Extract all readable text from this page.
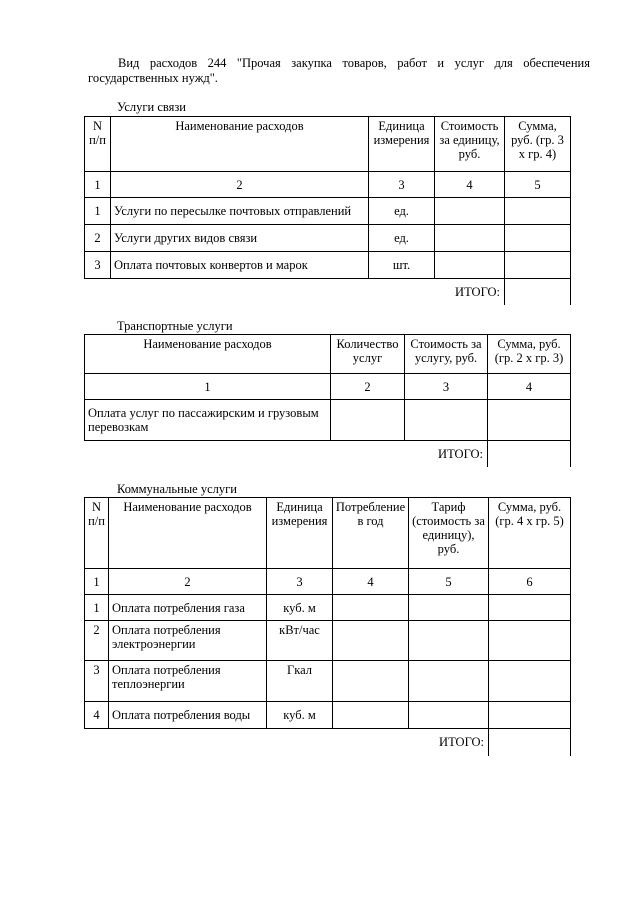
Вид расходов 244 "Прочая закупка товаров, работ и услуг для обеспечения государственных нужд".

Услуги связи

N п/п	Наименование расходов	Единица измерения	Стоимость за единицу, руб.	Сумма, руб. (гр. 3 x гр. 4)
1	2	3	4	5
1	Услуги по пересылке почтовых отправлений	ед.		
2	Услуги других видов связи	ед.		
3	Оплата почтовых конвертов и марок	шт.		
			ИТОГО:	

Транспортные услуги

Наименование расходов	Количество услуг	Стоимость за услугу, руб.	Сумма, руб. (гр. 2 x гр. 3)
1	2	3	4
Оплата услуг по пассажирским и грузовым перевозкам			
		ИТОГО:	

Коммунальные услуги

N п/п	Наименование расходов	Единица измерения	Потребление в год	Тариф (стоимость за единицу), руб.	Сумма, руб. (гр. 4 x гр. 5)
1	2	3	4	5	6
1	Оплата потребления газа	куб. м			
2	Оплата потребления электроэнергии	кВт/час			
3	Оплата потребления теплоэнергии	Гкал			
4	Оплата потребления воды	куб. м			
				ИТОГО:	
